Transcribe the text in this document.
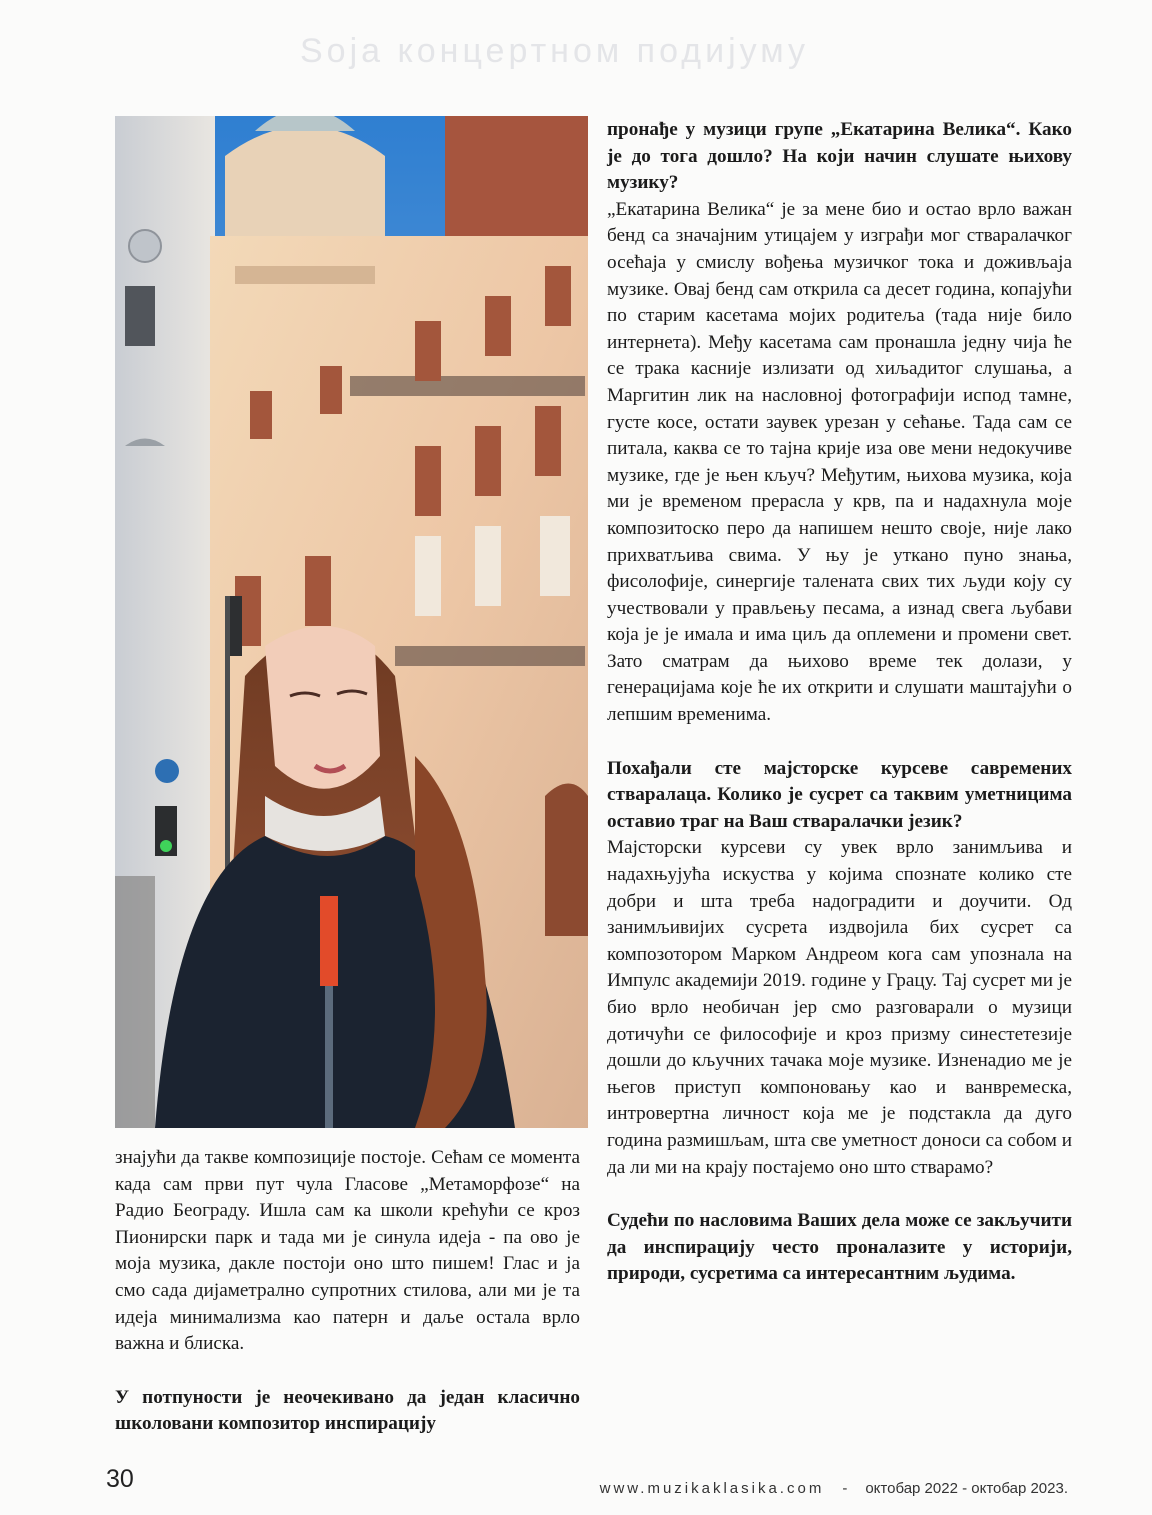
Soja концертном подијуму

знајући да такве композиције постоје. Сећам се момента када сам први пут чула Гласове „Метаморфозе“ на Радио Београду. Ишла сам ка школи крећући се кроз Пионирски парк и тада ми је синула идеја - па ово је моја музика, дакле постоји оно што пишем! Глас и ја смо сада дијаметрално супротних стилова, али ми је та идеја минимализма као патерн и даље остала врло важна и блиска.

У потпуности је неочекивано да један класично школовани композитор инспирацију

пронађе у музици групе „Екатарина Велика“. Како је до тога дошло? На који начин слушате њихову музику?

„Екатарина Велика“ је за мене био и остао врло важан бенд са значајним утицајем у изграђи мог стваралачког осећаја у смислу вођења музичког тока и доживљаја музике. Овај бенд сам открила са десет година, копајући по старим касетама мојих родитеља (тада није било интернета). Међу касетама сам пронашла једну чија ће се трака касније излизати од хиљадитог слушања, а Маргитин лик на насловној фотографији испод тамне, густе косе, остати заувек урезан у сећање. Тада сам се питала, каква се то тајна крије иза ове мени недокучиве музике, где је њен кључ? Међутим, њихова музика, која ми је временом прерасла у крв, па и надахнула моје композитоско перо да напишем нешто своје, није лако прихватљива свима. У њу је уткано пуно знања, фисолофије, синергије талената свих тих људи коју су учествовали у прављењу песама, а изнад свега љубави која је је имала и има циљ да оплемени и промени свет. Зато сматрам да њихово време тек долази, у генерацијама које ће их открити и слушати маштајући о лепшим временима.

Похађали сте мајсторске курсеве савремених стваралаца. Колико је сусрет са таквим уметницима оставио траг на Ваш стваралачки језик?

Мајсторски курсеви су увек врло занимљива и надахњујућа искуства у којима спознате колико сте добри и шта треба надоградити и доучити. Од занимљивијих сусрета издвојила бих сусрет са композотором Марком Андреом кога сам упознала на Импулс академији 2019. године у Грацу. Тај сусрет ми је био врло необичан јер смо разговарали о музици дотичући се философије и кроз призму синестетезије дошли до кључних тачака моје музике. Изненадио ме је његов приступ компоновању као и ванвремеска, интровертна личност која ме је подстакла да дуго година размишљам, шта све уметност доноси са собом и да ли ми на крају постајемо оно што стварамо?

Судећи по насловима Ваших дела може се закључити да инспирацију често проналазите у историји, природи, сусретима са интересантним људима.

30	www.muzikaklasika.com - октобар 2022 - октобар 2023.
